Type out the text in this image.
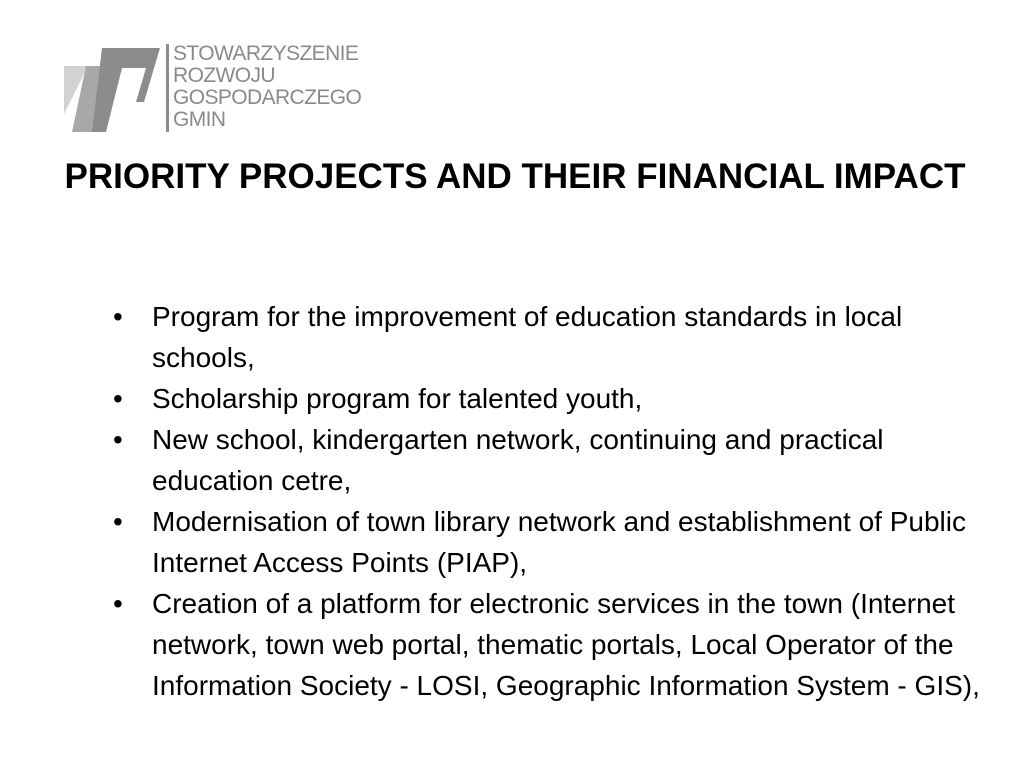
STOWARZYSZENIE
ROZWOJU
GOSPODARCZEGO
GMIN
PRIORITY PROJECTS AND THEIR FINANCIAL IMPACT
• Program for the improvement of education standards in local schools,
• Scholarship program for talented youth,
• New school, kindergarten network, continuing and practical education cetre,
• Modernisation of town library network and establishment of Public Internet Access Points (PIAP),
• Creation of a platform for electronic services in the town (Internet network, town web portal, thematic portals, Local Operator of the Information Society - LOSI, Geographic Information System - GIS),
